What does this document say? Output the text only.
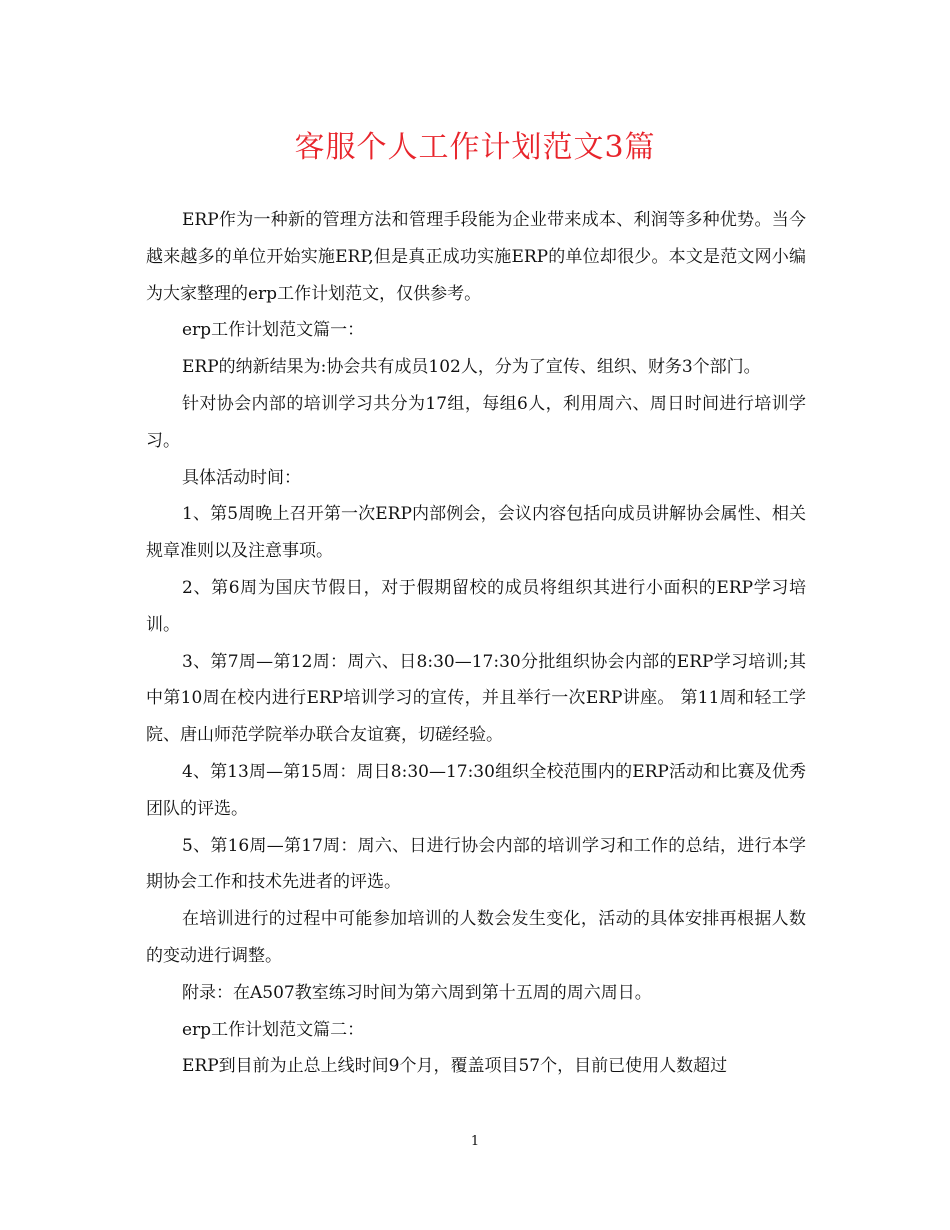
客服个人工作计划范文3篇

ERP作为一种新的管理方法和管理手段能为企业带来成本、利润等多种优势。当今越来越多的单位开始实施ERP,但是真正成功实施ERP的单位却很少。本文是范文网小编为大家整理的erp工作计划范文，仅供参考。

erp工作计划范文篇一：

ERP的纳新结果为:协会共有成员102人，分为了宣传、组织、财务3个部门。

针对协会内部的培训学习共分为17组，每组6人，利用周六、周日时间进行培训学习。

具体活动时间：

1、第5周晚上召开第一次ERP内部例会，会议内容包括向成员讲解协会属性、相关规章准则以及注意事项。

2、第6周为国庆节假日，对于假期留校的成员将组织其进行小面积的ERP学习培训。

3、第7周—第12周：周六、日8:30—17:30分批组织协会内部的ERP学习培训;其中第10周在校内进行ERP培训学习的宣传，并且举行一次ERP讲座。 第11周和轻工学院、唐山师范学院举办联合友谊赛，切磋经验。

4、第13周—第15周：周日8:30—17:30组织全校范围内的ERP活动和比赛及优秀团队的评选。

5、第16周—第17周：周六、日进行协会内部的培训学习和工作的总结，进行本学期协会工作和技术先进者的评选。

在培训进行的过程中可能参加培训的人数会发生变化，活动的具体安排再根据人数的变动进行调整。

附录：在A507教室练习时间为第六周到第十五周的周六周日。

erp工作计划范文篇二：

ERP到目前为止总上线时间9个月，覆盖项目57个，目前已使用人数超过

1
